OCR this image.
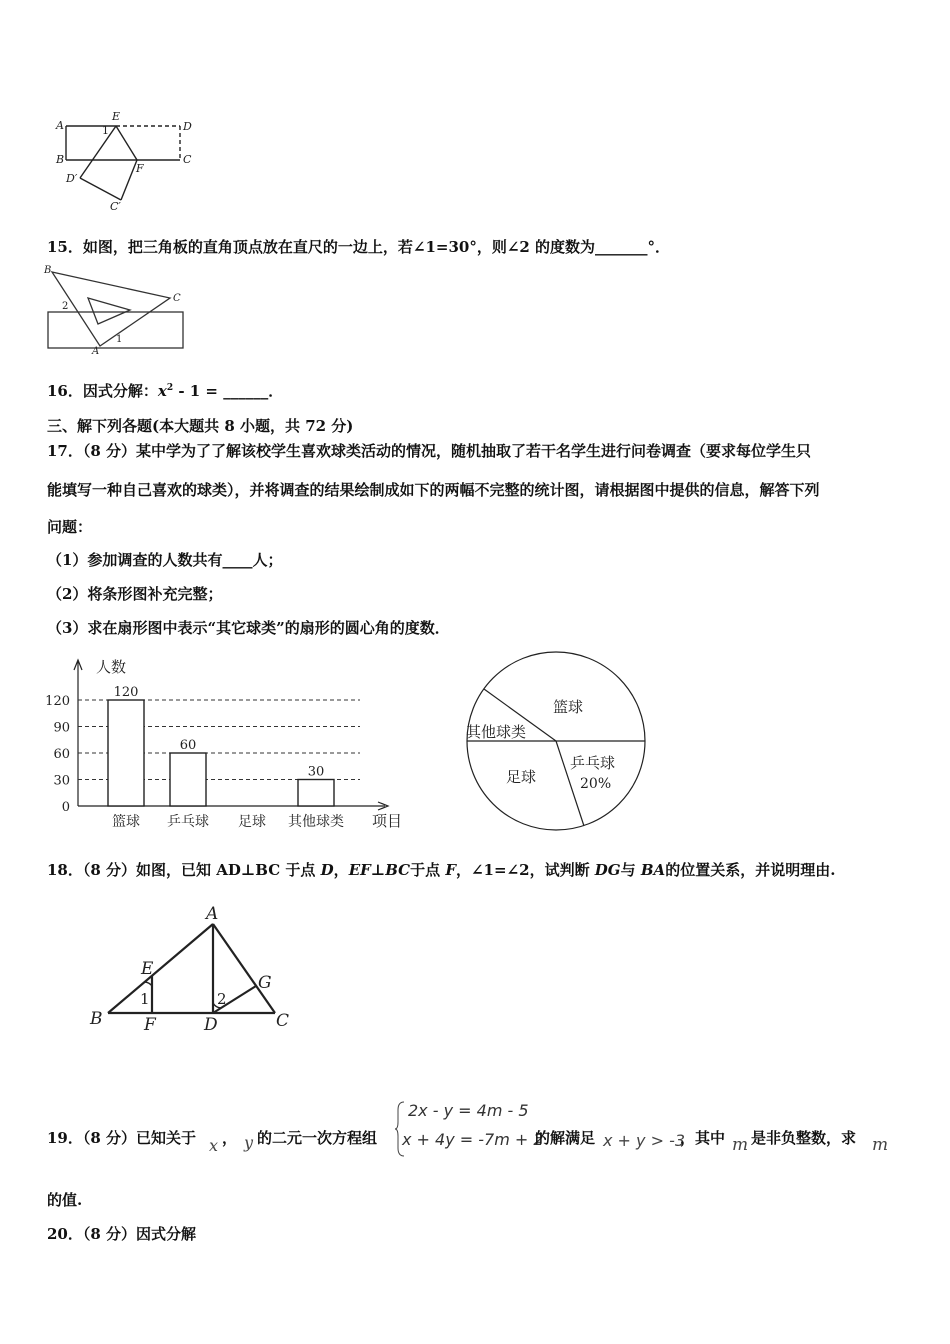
A
E
D
B	C
F
D′
C′
1
15．如图，把三角板的直角顶点放在直尺的一边上，若∠1=30°，则∠2 的度数为_______°．
B
C
A
2
1
16．因式分解：$x^2 - 1$ = ______．
三、解下列各题(本大题共 8 小题，共 72 分)
17．（8 分）某中学为了了解该校学生喜欢球类活动的情况，随机抽取了若干名学生进行问卷调查（要求每位学生只
能填写一种自己喜欢的球类），并将调查的结果绘制成如下的两幅不完整的统计图，请根据图中提供的信息，解答下列
问题：
（1）参加调查的人数共有____人；
（2）将条形图补充完整；
（3）求在扇形图中表示“其它球类”的扇形的圆心角的度数．
0
30
60
90
120
篮球 乒乓球 足球 其他球类
120
60
30
人数
项目
篮球
乒乓球
20%
足球
其他球类
18．（8 分）如图，已知 AD⊥BC 于点 D，EF⊥BC于点 F，∠1=∠2，试判断 DG与 BA的位置关系，并说明理由.
A
E
G
B F	D	C
1	2
19．（8 分）已知关于 x ， y 的二元一次方程组
2x - y = 4m - 5
x + 4y = -7m + 2
的解满足 x + y > -3
，其中 m 是非负整数，求 m
的值.
20．（8 分）因式分解
